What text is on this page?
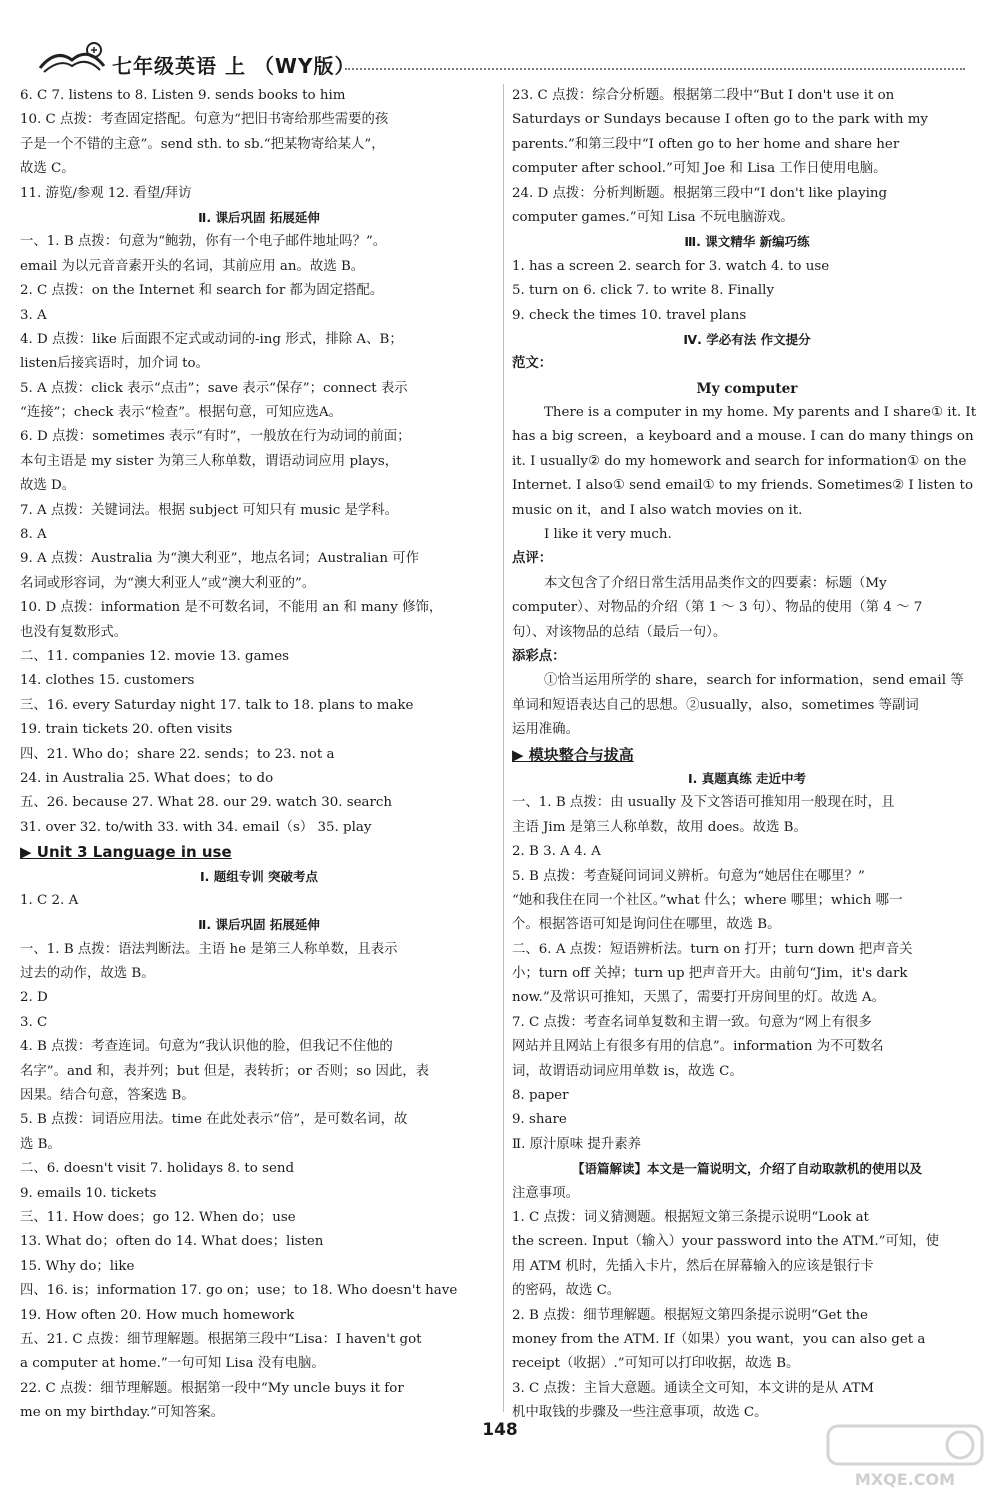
七年级英语 上 （WY版）
6. C 7. listens to 8. Listen 9. sends books to him
10. C 点拨：考查固定搭配。句意为“把旧书寄给那些需要的孩
子是一个不错的主意”。send sth. to sb.“把某物寄给某人”，
故选 C。
11. 游览/参观 12. 看望/拜访
Ⅱ. 课后巩固 拓展延伸
一、1. B 点拨：句意为“鲍勃，你有一个电子邮件地址吗？”。
email 为以元音音素开头的名词，其前应用 an。故选 B。
2. C 点拨：on the Internet 和 search for 都为固定搭配。
3. A
4. D 点拨：like 后面跟不定式或动词的-ing 形式，排除 A、B；
listen后接宾语时，加介词 to。
5. A 点拨：click 表示“点击”；save 表示“保存”；connect 表示
“连接”；check 表示“检查”。根据句意，可知应选A。
6. D 点拨：sometimes 表示“有时”，一般放在行为动词的前面；
本句主语是 my sister 为第三人称单数，谓语动词应用 plays，
故选 D。
7. A 点拨：关键词法。根据 subject 可知只有 music 是学科。
8. A
9. A 点拨：Australia 为“澳大利亚”，地点名词；Australian 可作
名词或形容词，为“澳大利亚人”或“澳大利亚的”。
10. D 点拨：information 是不可数名词，不能用 an 和 many 修饰，
也没有复数形式。
二、11. companies 12. movie 13. games
14. clothes 15. customers
三、16. every Saturday night 17. talk to 18. plans to make
19. train tickets 20. often visits
四、21. Who do；share 22. sends；to 23. not a
24. in Australia 25. What does；to do
五、26. because 27. What 28. our 29. watch 30. search
31. over 32. to/with 33. with 34. email（s） 35. play
▶ Unit 3 Language in use
Ⅰ. 题组专训 突破考点
1. C 2. A
Ⅱ. 课后巩固 拓展延伸
一、1. B 点拨：语法判断法。主语 he 是第三人称单数，且表示
过去的动作，故选 B。
2. D
3. C
4. B 点拨：考查连词。句意为“我认识他的脸，但我记不住他的
名字”。and 和，表并列；but 但是，表转折；or 否则；so 因此，表
因果。结合句意，答案选 B。
5. B 点拨：词语应用法。time 在此处表示“倍”，是可数名词，故
选 B。
二、6. doesn't visit 7. holidays 8. to send
9. emails 10. tickets
三、11. How does；go 12. When do；use
13. What do；often do 14. What does；listen
15. Why do；like
四、16. is；information 17. go on；use；to 18. Who doesn't have
19. How often 20. How much homework
五、21. C 点拨：细节理解题。根据第三段中“Lisa：I haven't got
a computer at home.”一句可知 Lisa 没有电脑。
22. C 点拨：细节理解题。根据第一段中“My uncle buys it for
me on my birthday.”可知答案。
23. C 点拨：综合分析题。根据第二段中“But I don't use it on
Saturdays or Sundays because I often go to the park with my
parents.”和第三段中“I often go to her home and share her
computer after school.”可知 Joe 和 Lisa 工作日使用电脑。
24. D 点拨：分析判断题。根据第三段中“I don't like playing
computer games.”可知 Lisa 不玩电脑游戏。
Ⅲ. 课文精华 新编巧练
1. has a screen 2. search for 3. watch 4. to use
5. turn on 6. click 7. to write 8. Finally
9. check the times 10. travel plans
Ⅳ. 学必有法 作文提分
范文：
My computer
There is a computer in my home. My parents and I share① it. It
has a big screen，a keyboard and a mouse. I can do many things on
it. I usually② do my homework and search for information① on the
Internet. I also① send email① to my friends. Sometimes② I listen to
music on it，and I also watch movies on it.
I like it very much.
点评：
本文包含了介绍日常生活用品类作文的四要素：标题（My
computer）、对物品的介绍（第 1 ～ 3 句）、物品的使用（第 4 ～ 7
句）、对该物品的总结（最后一句）。
添彩点：
①恰当运用所学的 share，search for information，send email 等
单词和短语表达自己的思想。②usually，also，sometimes 等副词
运用准确。
▶ 模块整合与拔高
Ⅰ. 真题真练 走近中考
一、1. B 点拨：由 usually 及下文答语可推知用一般现在时，且
主语 Jim 是第三人称单数，故用 does。故选 B。
2. B 3. A 4. A
5. B 点拨：考查疑问词词义辨析。句意为“她居住在哪里？”
“她和我住在同一个社区。”what 什么；where 哪里；which 哪一
个。根据答语可知是询问住在哪里，故选 B。
二、6. A 点拨：短语辨析法。turn on 打开；turn down 把声音关
小；turn off 关掉；turn up 把声音开大。由前句“Jim，it's dark
now.”及常识可推知，天黑了，需要打开房间里的灯。故选 A。
7. C 点拨：考查名词单复数和主谓一致。句意为“网上有很多
网站并且网站上有很多有用的信息”。information 为不可数名
词，故谓语动词应用单数 is，故选 C。
8. paper
9. share
Ⅱ. 原汁原味 提升素养
【语篇解读】本文是一篇说明文，介绍了自动取款机的使用以及
注意事项。
1. C 点拨：词义猜测题。根据短文第三条提示说明“Look at
the screen. Input（输入）your password into the ATM.”可知，使
用 ATM 机时，先插入卡片，然后在屏幕输入的应该是银行卡
的密码，故选 C。
2. B 点拨：细节理解题。根据短文第四条提示说明“Get the
money from the ATM. If（如果）you want，you can also get a
receipt（收据）.”可知可以打印收据，故选 B。
3. C 点拨：主旨大意题。通读全文可知，本文讲的是从 ATM
机中取钱的步骤及一些注意事项，故选 C。
148
MXQE.COM
